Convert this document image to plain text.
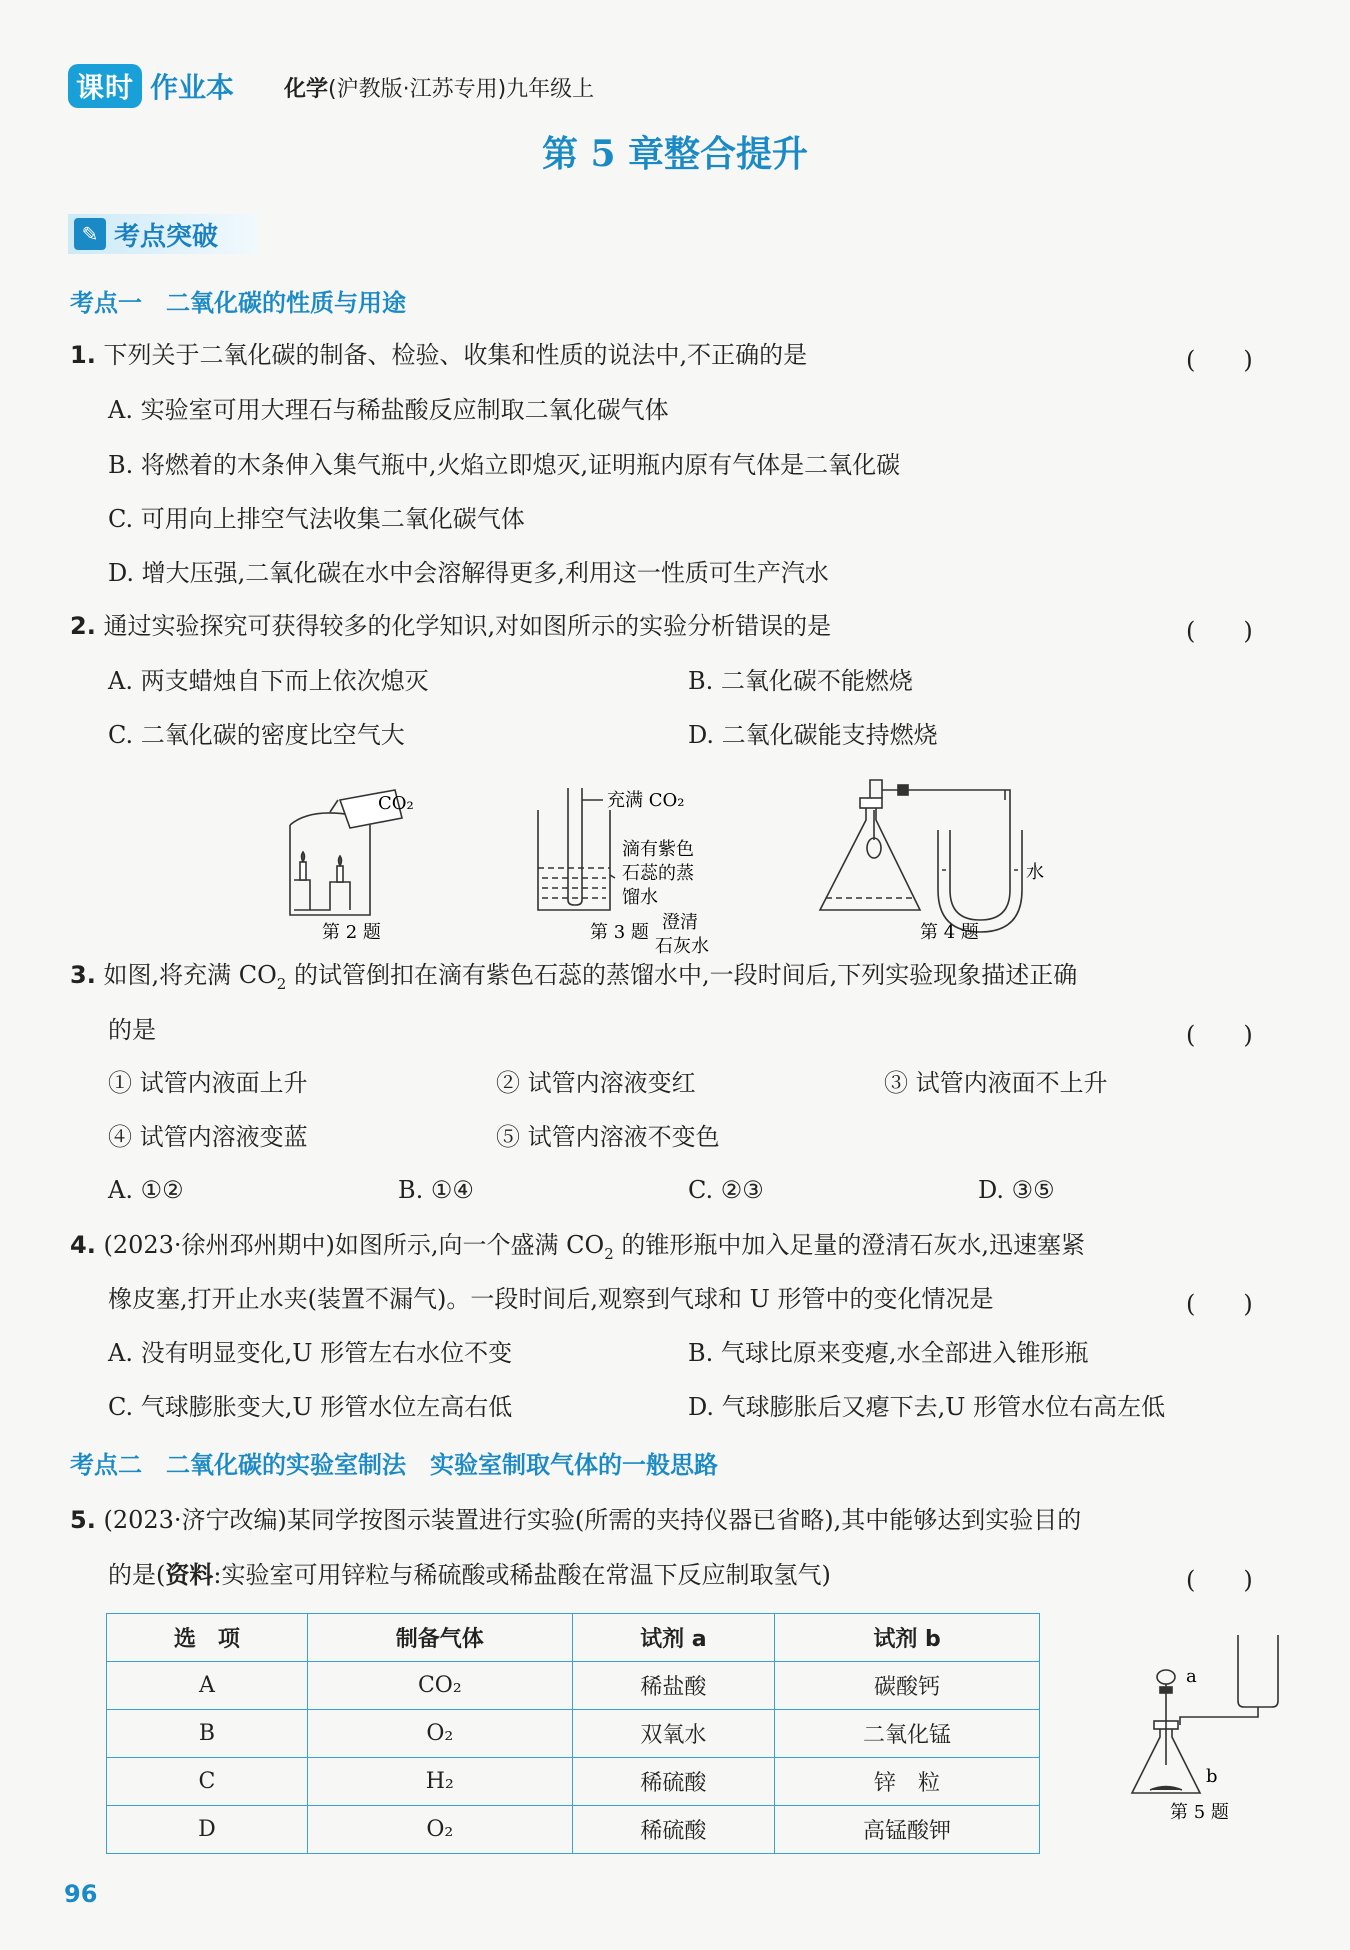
课时 作业本 化学(沪教版·江苏专用)九年级上
第 5 章整合提升
✎ 考点突破
考点一　二氧化碳的性质与用途
1. 下列关于二氧化碳的制备、检验、收集和性质的说法中,不正确的是	(　　)
A. 实验室可用大理石与稀盐酸反应制取二氧化碳气体
B. 将燃着的木条伸入集气瓶中,火焰立即熄灭,证明瓶内原有气体是二氧化碳
C. 可用向上排空气法收集二氧化碳气体
D. 增大压强,二氧化碳在水中会溶解得更多,利用这一性质可生产汽水
2. 通过实验探究可获得较多的化学知识,对如图所示的实验分析错误的是	(　　)
A. 两支蜡烛自下而上依次熄灭	B. 二氧化碳不能燃烧
C. 二氧化碳的密度比空气大	D. 二氧化碳能支持燃烧
CO₂
第 2 题
充满 CO₂
滴有紫色
石蕊的蒸
馏水
第 3 题 澄清
石灰水
水
第 4 题
3. 如图,将充满 $CO_2$ 的试管倒扣在滴有紫色石蕊的蒸馏水中,一段时间后,下列实验现象描述正确
的是	(　　)
① 试管内液面上升	② 试管内溶液变红	③ 试管内液面不上升
④ 试管内溶液变蓝	⑤ 试管内溶液不变色
A. ①②	B. ①④	C. ②③	D. ③⑤
4. (2023·徐州邳州期中)如图所示,向一个盛满 $CO_2$ 的锥形瓶中加入足量的澄清石灰水,迅速塞紧
橡皮塞,打开止水夹(装置不漏气)。一段时间后,观察到气球和 U 形管中的变化情况是	(　　)
A. 没有明显变化,U 形管左右水位不变	B. 气球比原来变瘪,水全部进入锥形瓶
C. 气球膨胀变大,U 形管水位左高右低	D. 气球膨胀后又瘪下去,U 形管水位右高左低
考点二　二氧化碳的实验室制法　实验室制取气体的一般思路
5. (2023·济宁改编)某同学按图示装置进行实验(所需的夹持仪器已省略),其中能够达到实验目的
的是(资料:实验室可用锌粒与稀硫酸或稀盐酸在常温下反应制取氢气)	(　　)
选　项	制备气体	试剂 a	试剂 b
A	CO₂	稀盐酸	碳酸钙
B	O₂	双氧水	二氧化锰
C	H₂	稀硫酸	锌　粒
D	O₂	稀硫酸	高锰酸钾
a
b
第 5 题
96
